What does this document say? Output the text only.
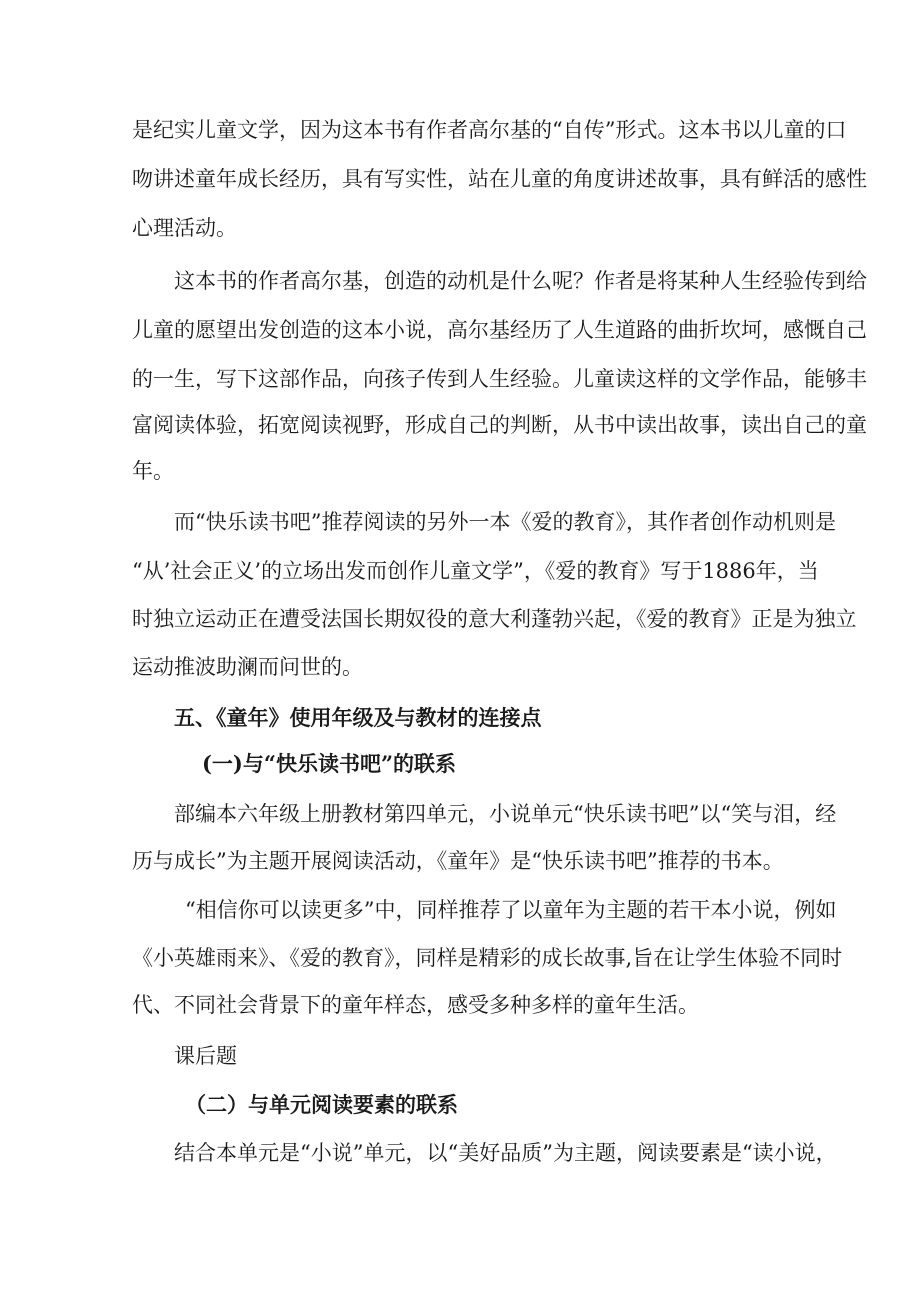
是纪实儿童文学，因为这本书有作者高尔基的“自传”形式。这本书以儿童的口
吻讲述童年成长经历，具有写实性，站在儿童的角度讲述故事，具有鲜活的感性
心理活动。
这本书的作者高尔基，创造的动机是什么呢？作者是将某种人生经验传到给
儿童的愿望出发创造的这本小说，高尔基经历了人生道路的曲折坎坷，感慨自己
的一生，写下这部作品，向孩子传到人生经验。儿童读这样的文学作品，能够丰
富阅读体验，拓宽阅读视野，形成自己的判断，从书中读出故事，读出自己的童
年。
而“快乐读书吧”推荐阅读的另外一本《爱的教育》，其作者创作动机则是
“从’社会正义’的立场出发而创作儿童文学”，《爱的教育》写于1886年，当
时独立运动正在遭受法国长期奴役的意大利蓬勃兴起，《爱的教育》正是为独立
运动推波助澜而问世的。
五、《童年》使用年级及与教材的连接点
(一)与“快乐读书吧”的联系
部编本六年级上册教材第四单元，小说单元“快乐读书吧”以“笑与泪，经
历与成长”为主题开展阅读活动，《童年》是“快乐读书吧”推荐的书本。
“相信你可以读更多”中，同样推荐了以童年为主题的若干本小说，例如
《小英雄雨来》、《爱的教育》，同样是精彩的成长故事,旨在让学生体验不同时
代、不同社会背景下的童年样态，感受多种多样的童年生活。
课后题
（二）与单元阅读要素的联系
结合本单元是“小说”单元，以“美好品质”为主题，阅读要素是“读小说，
